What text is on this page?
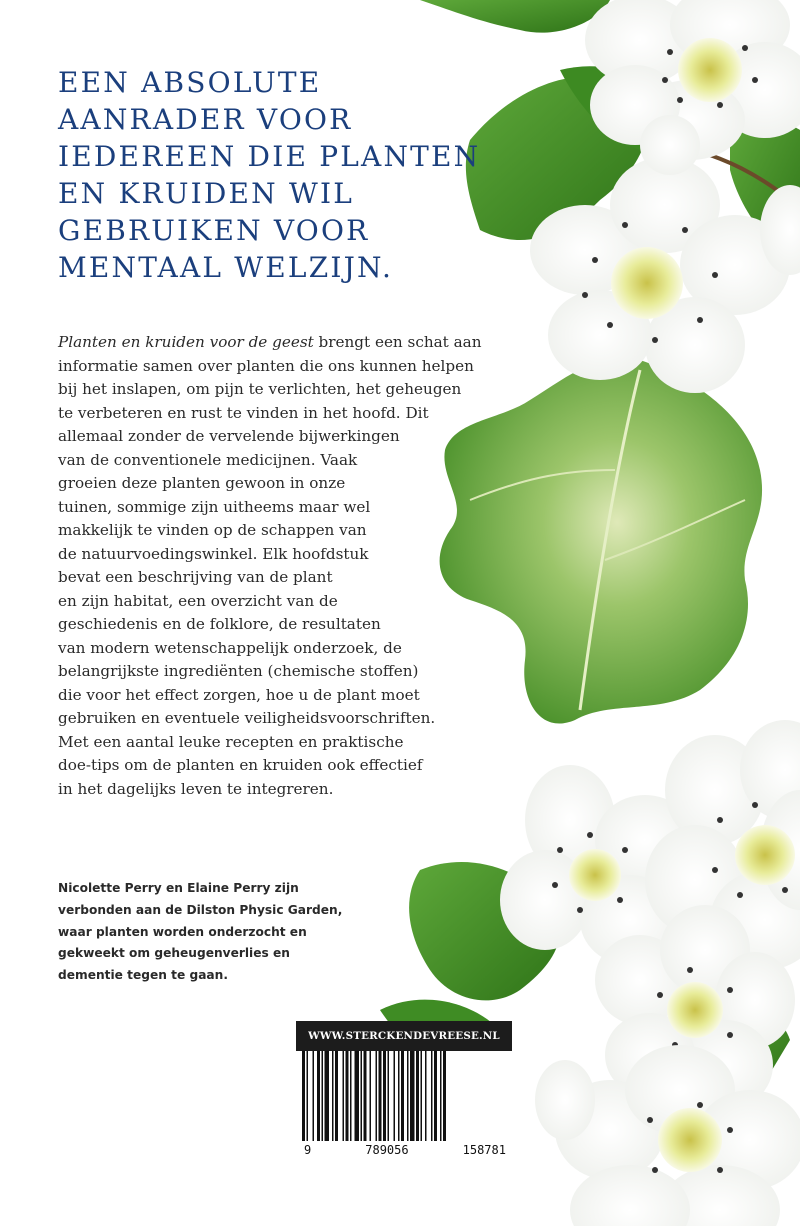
EEN ABSOLUTE
AANRADER VOOR
IEDEREEN DIE PLANTEN
EN KRUIDEN WIL
GEBRUIKEN VOOR
MENTAAL WELZIJN.
Planten en kruiden voor de geest brengt een schat aan
informatie samen over planten die ons kunnen helpen
bij het inslapen, om pijn te verlichten, het geheugen
te verbeteren en rust te vinden in het hoofd. Dit
allemaal zonder de vervelende bijwerkingen
van de conventionele medicijnen. Vaak
groeien deze planten gewoon in onze
tuinen, sommige zijn uitheems maar wel
makkelijk te vinden op de schappen van
de natuurvoedingswinkel. Elk hoofdstuk
bevat een beschrijving van de plant
en zijn habitat, een overzicht van de
geschiedenis en de folklore, de resultaten
van modern wetenschappelijk onderzoek, de
belangrijkste ingrediënten (chemische stoffen)
die voor het effect zorgen, hoe u de plant moet
gebruiken en eventuele veiligheidsvoorschriften.
Met een aantal leuke recepten en praktische
doe-tips om de planten en kruiden ook effectief
in het dagelijks leven te integreren.
Nicolette Perry en Elaine Perry zijn
verbonden aan de Dilston Physic Garden,
waar planten worden onderzocht en
gekweekt om geheugenverlies en
dementie tegen te gaan.
WWW.STERCKENDEVREESE.NL
9	789056	158781
